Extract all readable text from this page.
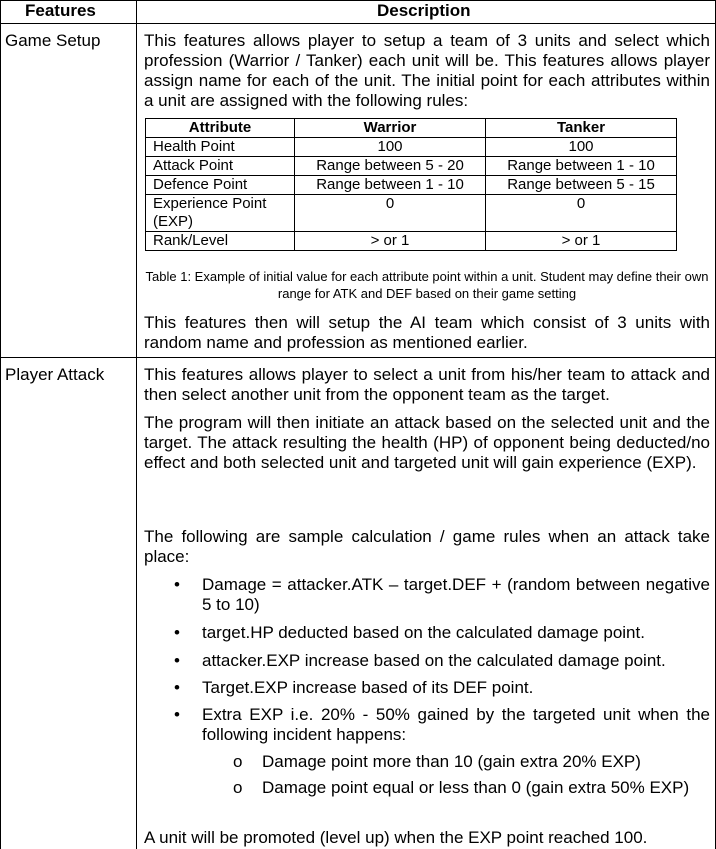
Features	Description
Game Setup	This features allows player to setup a team of 3 units and select which profession (Warrior / Tanker) each unit will be. This features allows player assign name for each of the unit. The initial point for each attributes within a unit are assigned with the following rules:
Attribute	Warrior	Tanker
Health Point	100	100
Attack Point	Range between 5 - 20	Range between 1 - 10
Defence Point	Range between 1 - 10	Range between 5 - 15
Experience Point (EXP)	0	0
Rank/Level	> or 1	> or 1
Table 1: Example of initial value for each attribute point within a unit. Student may define their own range for ATK and DEF based on their game setting
This features then will setup the AI team which consist of 3 units with random name and profession as mentioned earlier.
Player Attack This features allows player to select a unit from his/her team to attack and then select another unit from the opponent team as the target.
The program will then initiate an attack based on the selected unit and the target. The attack resulting the health (HP) of opponent being deducted/no effect and both selected unit and targeted unit will gain experience (EXP).
The following are sample calculation / game rules when an attack take place:
• Damage = attacker.ATK – target.DEF + (random between negative 5 to 10)
• target.HP deducted based on the calculated damage point.
• attacker.EXP increase based on the calculated damage point.
• Target.EXP increase based of its DEF point.
• Extra EXP i.e. 20% - 50% gained by the targeted unit when the following incident happens:
o Damage point more than 10 (gain extra 20% EXP)
o Damage point equal or less than 0 (gain extra 50% EXP)
A unit will be promoted (level up) when the EXP point reached 100.
